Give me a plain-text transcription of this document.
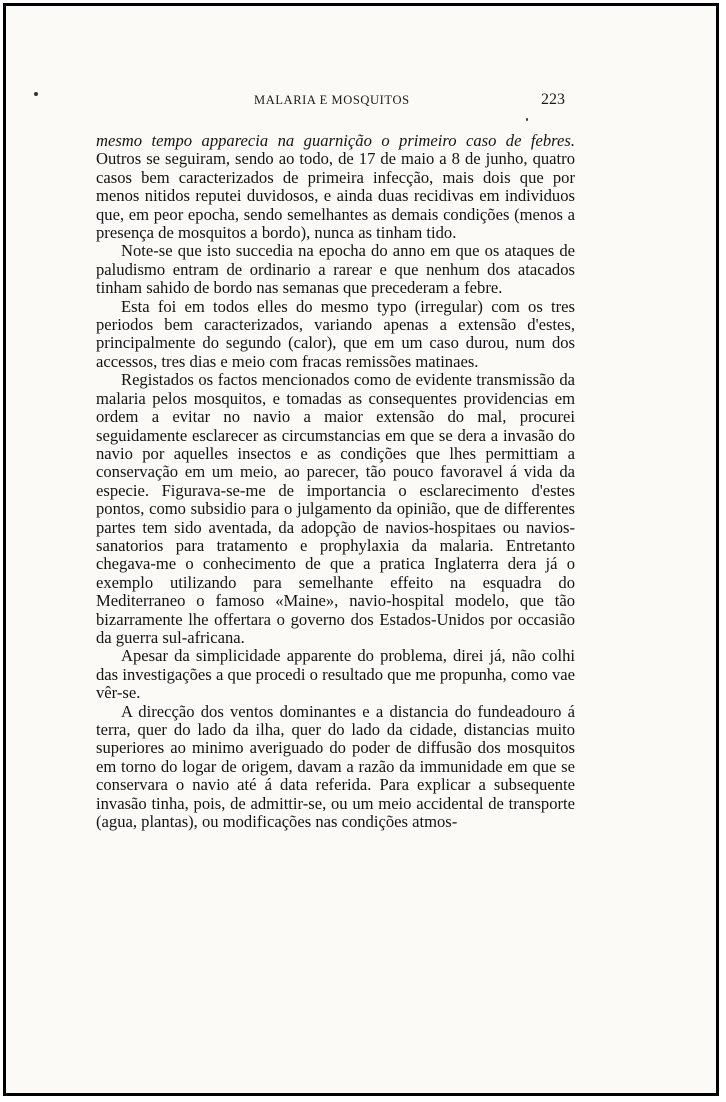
MALARIA E MOSQUITOS	223

mesmo tempo apparecia na guarnição o primeiro caso de febres. Outros se seguiram, sendo ao todo, de 17 de maio a 8 de junho, quatro casos bem caracterizados de primeira infecção, mais dois que por menos nitidos reputei duvidosos, e ainda duas recidivas em individuos que, em peor epocha, sendo semelhantes as demais condições (menos a presença de mosquitos a bordo), nunca as tinham tido.

Note-se que isto succedia na epocha do anno em que os ataques de paludismo entram de ordinario a rarear e que nenhum dos atacados tinham sahido de bordo nas semanas que precederam a febre.

Esta foi em todos elles do mesmo typo (irregular) com os tres periodos bem caracterizados, variando apenas a extensão d'estes, principalmente do segundo (calor), que em um caso durou, num dos accessos, tres dias e meio com fracas remissões matinaes.

Registados os factos mencionados como de evidente transmissão da malaria pelos mosquitos, e tomadas as consequentes providencias em ordem a evitar no navio a maior extensão do mal, procurei seguidamente esclarecer as circumstancias em que se dera a invasão do navio por aquelles insectos e as condições que lhes permittiam a conservação em um meio, ao parecer, tão pouco favoravel á vida da especie. Figurava-se-me de importancia o esclarecimento d'estes pontos, como subsidio para o julgamento da opinião, que de differentes partes tem sido aventada, da adopção de navios-hospitaes ou navios-sanatorios para tratamento e prophylaxia da malaria. Entretanto chegava-me o conhecimento de que a pratica Inglaterra dera já o exemplo utilizando para semelhante effeito na esquadra do Mediterraneo o famoso «Maine», navio-hospital modelo, que tão bizarramente lhe offertara o governo dos Estados-Unidos por occasião da guerra sul-africana.

Apesar da simplicidade apparente do problema, direi já, não colhi das investigações a que procedi o resultado que me propunha, como vae vêr-se.

A direcção dos ventos dominantes e a distancia do fundeadouro á terra, quer do lado da ilha, quer do lado da cidade, distancias muito superiores ao minimo averiguado do poder de diffusão dos mosquitos em torno do logar de origem, davam a razão da immunidade em que se conservara o navio até á data referida. Para explicar a subsequente invasão tinha, pois, de admittir-se, ou um meio accidental de transporte (agua, plantas), ou modificações nas condições atmos-
